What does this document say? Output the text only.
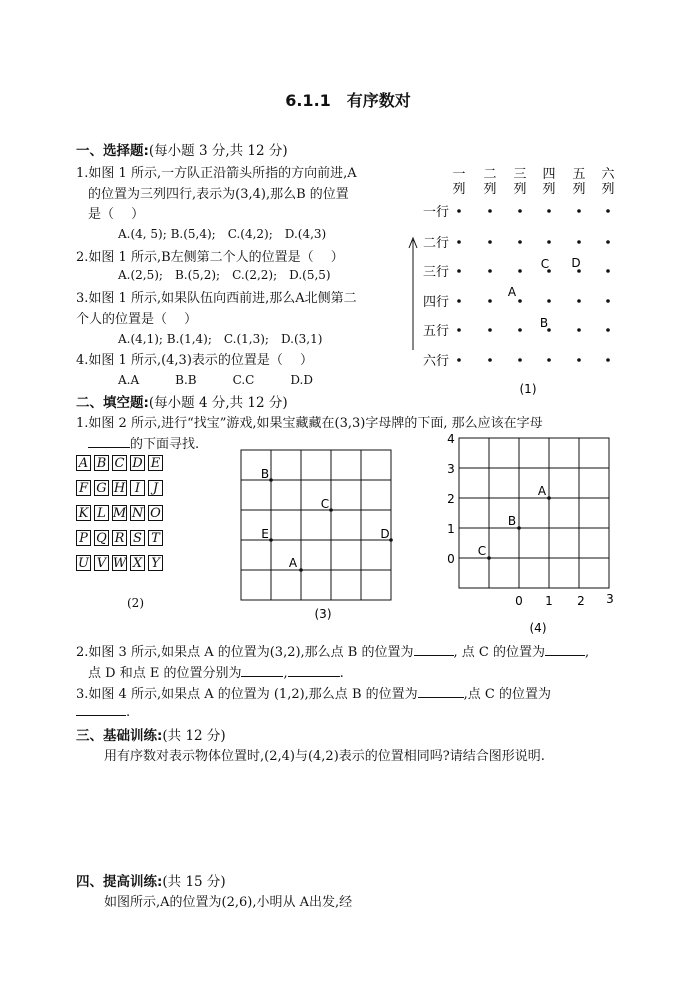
6.1.1　有序数对
一、选择题:(每小题 3 分,共 12 分)
1.如图 1 所示,一方队正沿箭头所指的方向前进,A
的位置为三列四行,表示为(3,4),那么B 的位置
是（　 ）
A.(4, 5); B.(5,4);　C.(4,2);　D.(4,3)
2.如图 1 所示,B左侧第二个人的位置是（　 ）
A.(2,5);　B.(5,2);　C.(2,2);　D.(5,5)
3.如图 1 所示,如果队伍向西前进,那么A北侧第二
个人的位置是（　 ）
A.(4,1); B.(1,4);　C.(1,3);　D.(3,1)
4.如图 1 所示,(4,3)表示的位置是（　 ）
A.A　　　B.B　　　C.C　　　D.D
一
列
二
列
三
列
四
列
五
列
六
列
一行
二行
三行
四行
五行
六行
A
B
C D
(1)
二、填空题:(每小题 4 分,共 12 分)
1.如图 2 所示,进行“找宝”游戏,如果宝藏藏在(3,3)字母牌的下面, 那么应该在字母
的下面寻找.
A B C D E
F G H I J
K L M N O
P Q R S T
U V W X Y
(2)
B
C
E	D
A
(3)
4
3
2
1
0
0 1 2 3
A
B
C
(4)
2.如图 3 所示,如果点 A 的位置为(3,2),那么点 B 的位置为	, 点 C 的位置为	,
点 D 和点 E 的位置分别为	,	.
3.如图 4 所示,如果点 A 的位置为 (1,2),那么点 B 的位置为	,点 C 的位置为
.
三、基础训练:(共 12 分)
用有序数对表示物体位置时,(2,4)与(4,2)表示的位置相同吗?请结合图形说明.
四、提高训练:(共 15 分)
如图所示,A的位置为(2,6),小明从 A出发,经
